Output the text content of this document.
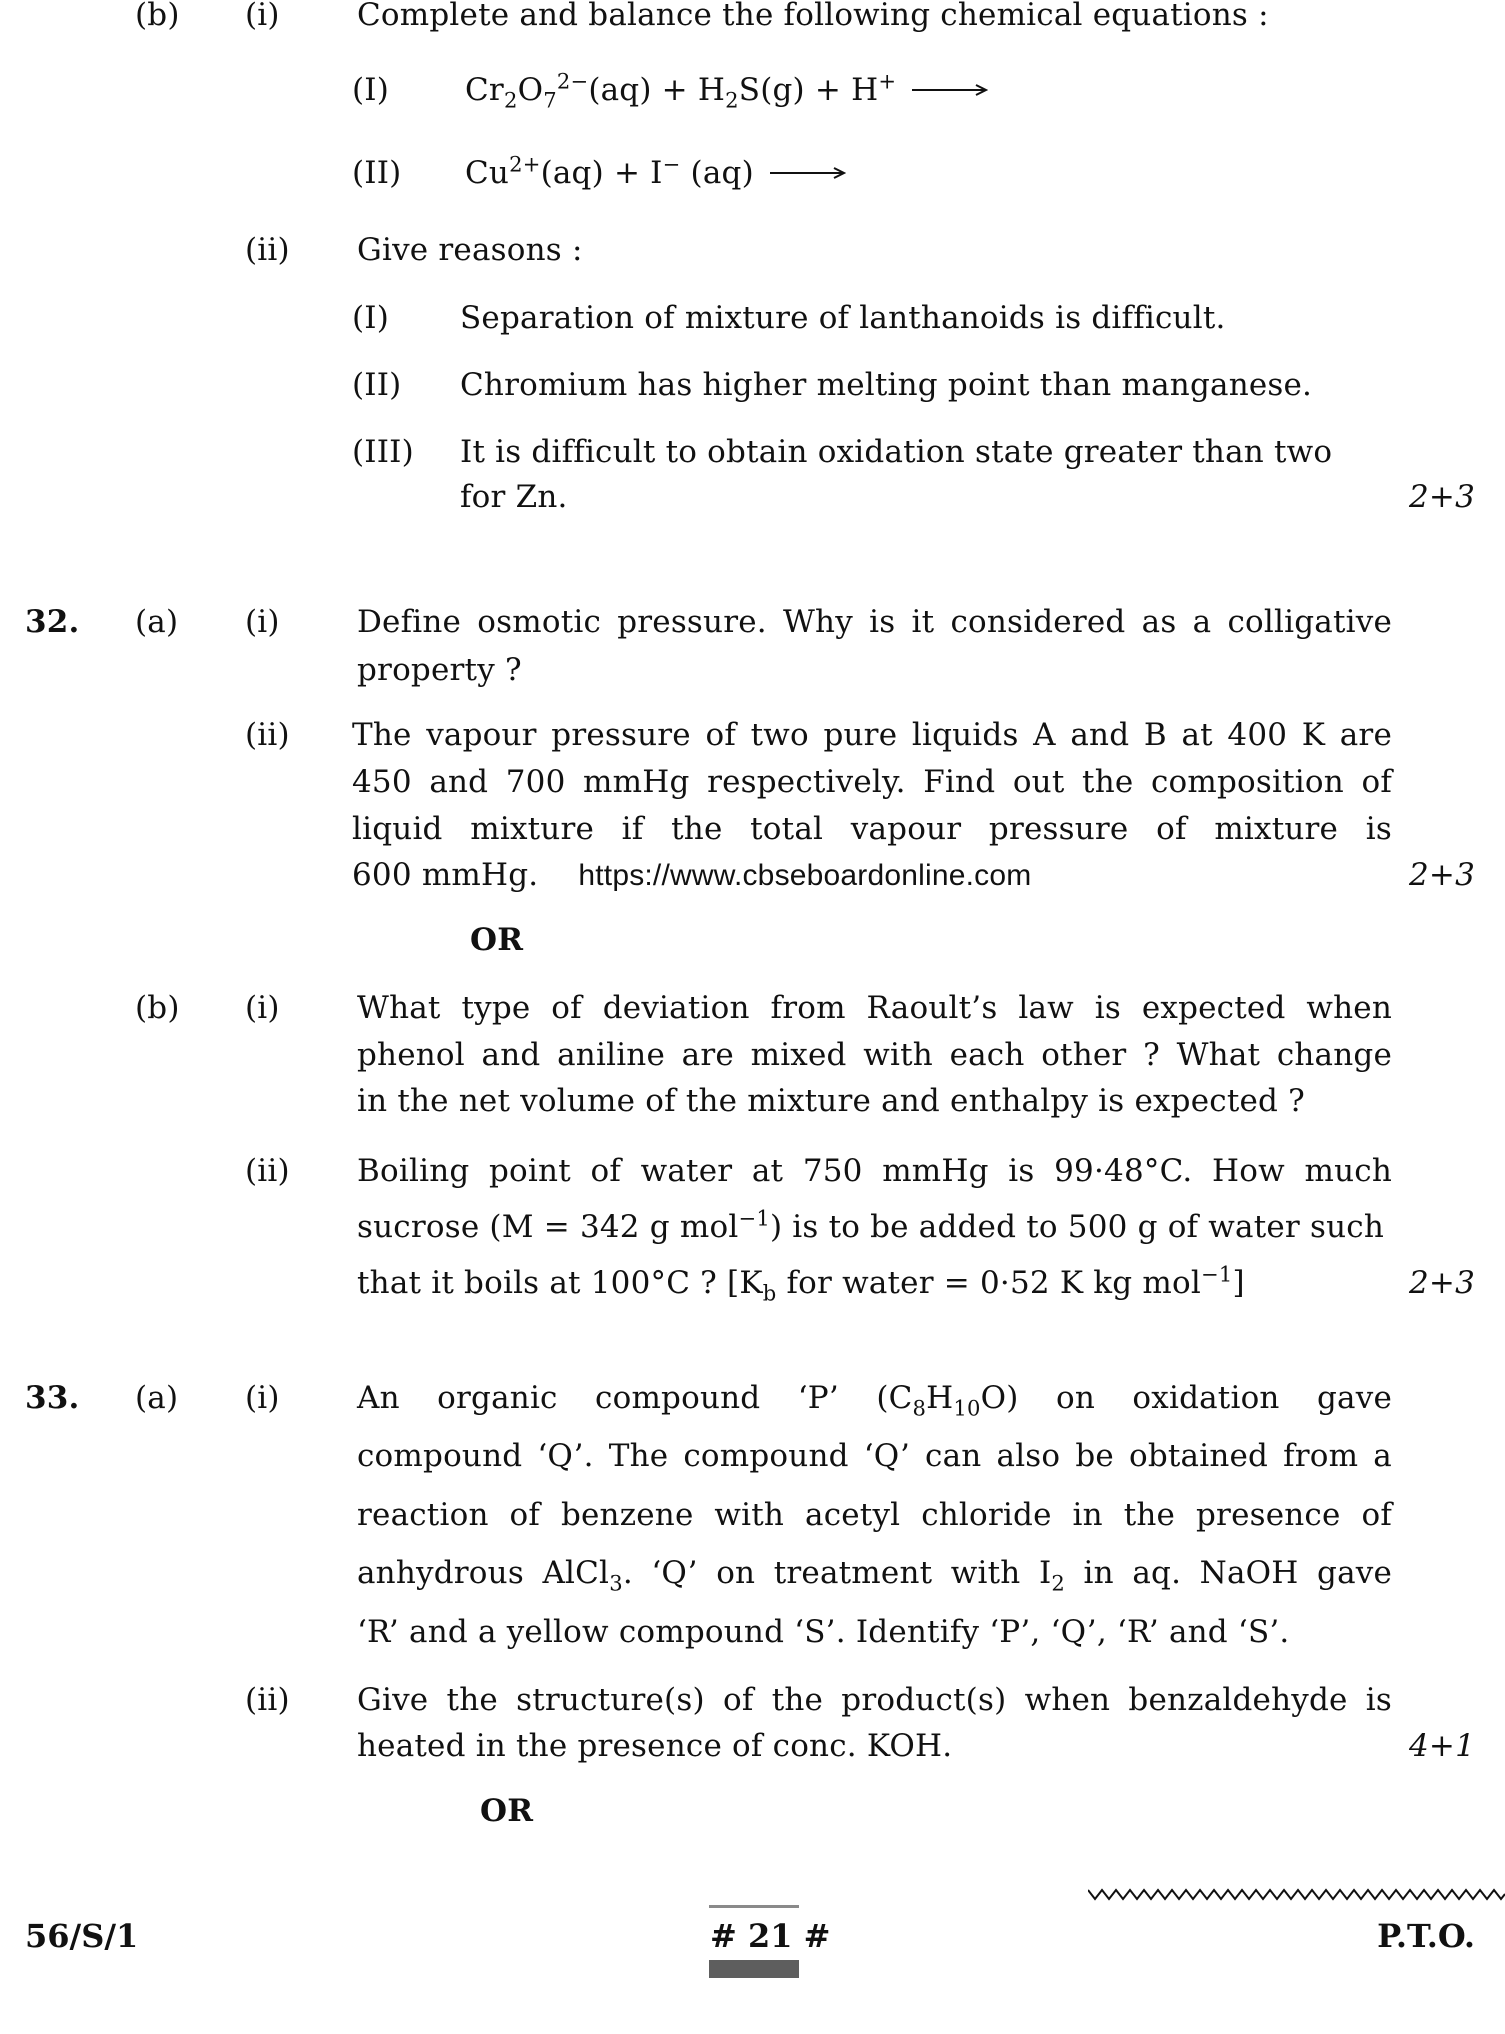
(b) (i) Complete and balance the following chemical equations :
(I) $Cr_2O_7^{2-}(aq) + H_2S(g) + H^+$ →
(II) $Cu^{2+}(aq) + I^-$ (aq) →
(ii) Give reasons :
(I) Separation of mixture of lanthanoids is difficult.
(II) Chromium has higher melting point than manganese.
(III) It is difficult to obtain oxidation state greater than two
for Zn.	2+3
32. (a) (i) Define osmotic pressure. Why is it considered as a colligative
property ?
(ii) The vapour pressure of two pure liquids A and B at 400 K are
450 and 700 mmHg respectively. Find out the composition of
liquid mixture if the total vapour pressure of mixture is
600 mmHg. https://www.cbseboardonline.com	2+3
OR
(b) (i) What type of deviation from Raoult’s law is expected when
phenol and aniline are mixed with each other ? What change
in the net volume of the mixture and enthalpy is expected ?
(ii) Boiling point of water at 750 mmHg is 99·48°C. How much
sucrose (M = 342 g mol$^{-1}$) is to be added to 500 g of water such
that it boils at 100°C ? [$K_b$ for water = 0·52 K kg mol$^{-1}$]	2+3
33. (a) (i) An organic compound ‘P’ $(C_8H_{10}O)$ on oxidation gave
compound ‘Q’. The compound ‘Q’ can also be obtained from a
reaction of benzene with acetyl chloride in the presence of
anhydrous AlCl$_3$. ‘Q’ on treatment with $I_2$ in aq. NaOH gave
‘R’ and a yellow compound ‘S’. Identify ‘P’, ‘Q’, ‘R’ and ‘S’.
(ii) Give the structure(s) of the product(s) when benzaldehyde is
heated in the presence of conc. KOH.	4+1
OR
56/S/1	# 21 #	P.T.O.
